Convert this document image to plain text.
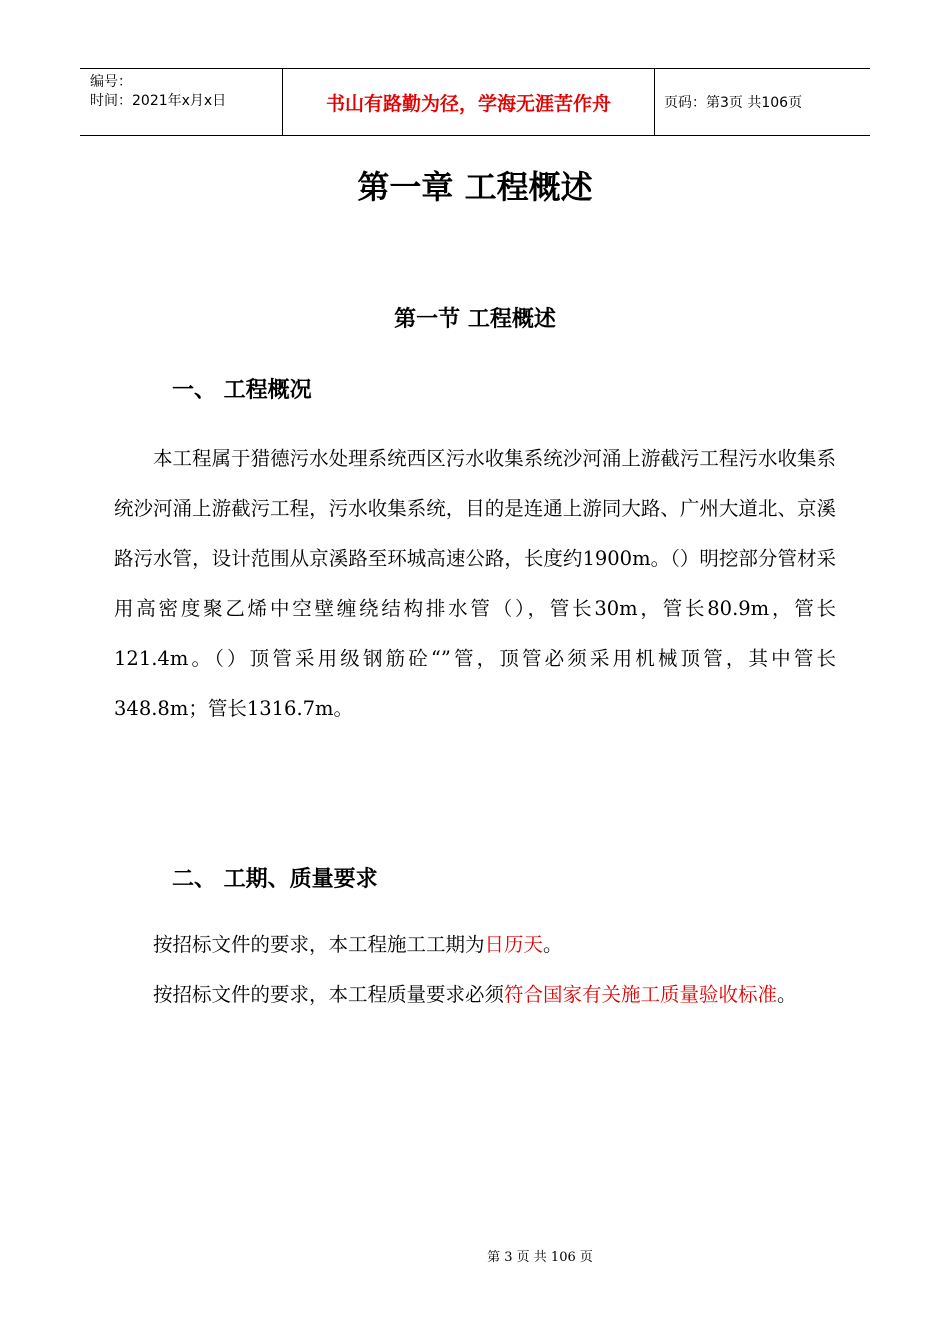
编号：
时间：2021年x月x日	书山有路勤为径，学海无涯苦作舟	页码：第3页 共106页
第一章 工程概述
第一节 工程概述
一、 工程概况
本工程属于猎德污水处理系统西区污水收集系统沙河涌上游截污工程污水收集系统沙河涌上游截污工程，污水收集系统，目的是连通上游同大路、广州大道北、京溪路污水管，设计范围从京溪路至环城高速公路，长度约1900m。（）明挖部分管材采用高密度聚乙烯中空壁缠绕结构排水管（），管长30m，管长80.9m，管长121.4m。（）顶管采用级钢筋砼“”管，顶管必须采用机械顶管，其中管长348.8m；管长1316.7m。
二、 工期、质量要求
按招标文件的要求，本工程施工工期为日历天。
按招标文件的要求，本工程质量要求必须符合国家有关施工质量验收标准。
第 3 页 共 106 页
